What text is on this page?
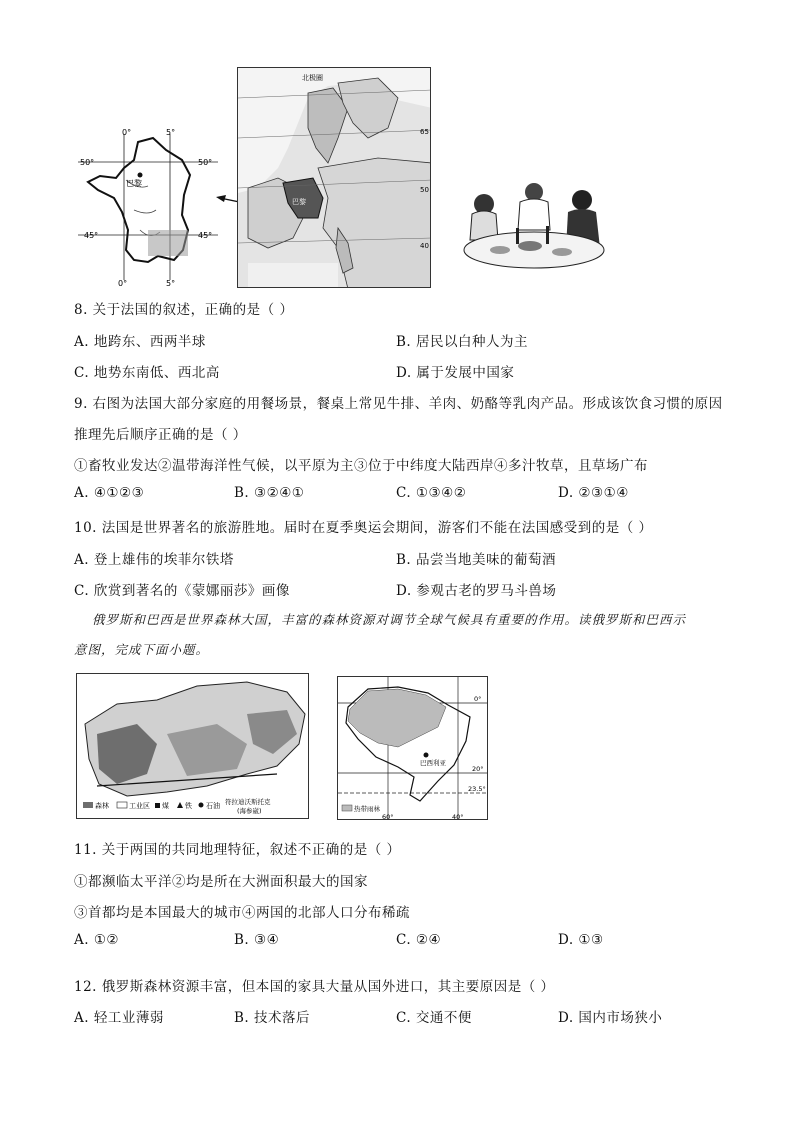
0°	5°
50°	50°
45°	45°
0°	5°
巴黎
北极圈
65
50
40
巴黎
8. 关于法国的叙述，正确的是（ ）
A. 地跨东、西两半球	B. 居民以白种人为主
C. 地势东南低、西北高	D. 属于发展中国家
9. 右图为法国大部分家庭的用餐场景，餐桌上常见牛排、羊肉、奶酪等乳肉产品。形成该饮食习惯的原因
推理先后顺序正确的是（ ）
①畜牧业发达②温带海洋性气候，以平原为主③位于中纬度大陆西岸④多汁牧草，且草场广布
A. ④①②③	B. ③②④①	C. ①③④②	D. ②③①④
10. 法国是世界著名的旅游胜地。届时在夏季奥运会期间，游客们不能在法国感受到的是（ ）
A. 登上雄伟的埃菲尔铁塔	B. 品尝当地美味的葡萄酒
C. 欣赏到著名的《蒙娜丽莎》画像	D. 参观古老的罗马斗兽场
俄罗斯和巴西是世界森林大国，丰富的森林资源对调节全球气候具有重要的作用。读俄罗斯和巴西示
意图，完成下面小题。
森林	工业区 煤 铁 石油 符拉迪沃斯托克
(海参崴)
巴西利亚
0°
20°
23.5°
60°	40°
热带雨林
11. 关于两国的共同地理特征，叙述不正确的是（ ）
①都濒临太平洋②均是所在大洲面积最大的国家
③首都均是本国最大的城市④两国的北部人口分布稀疏
A. ①②	B. ③④	C. ②④	D. ①③
12. 俄罗斯森林资源丰富，但本国的家具大量从国外进口，其主要原因是（ ）
A. 轻工业薄弱	B. 技术落后	C. 交通不便	D. 国内市场狭小
